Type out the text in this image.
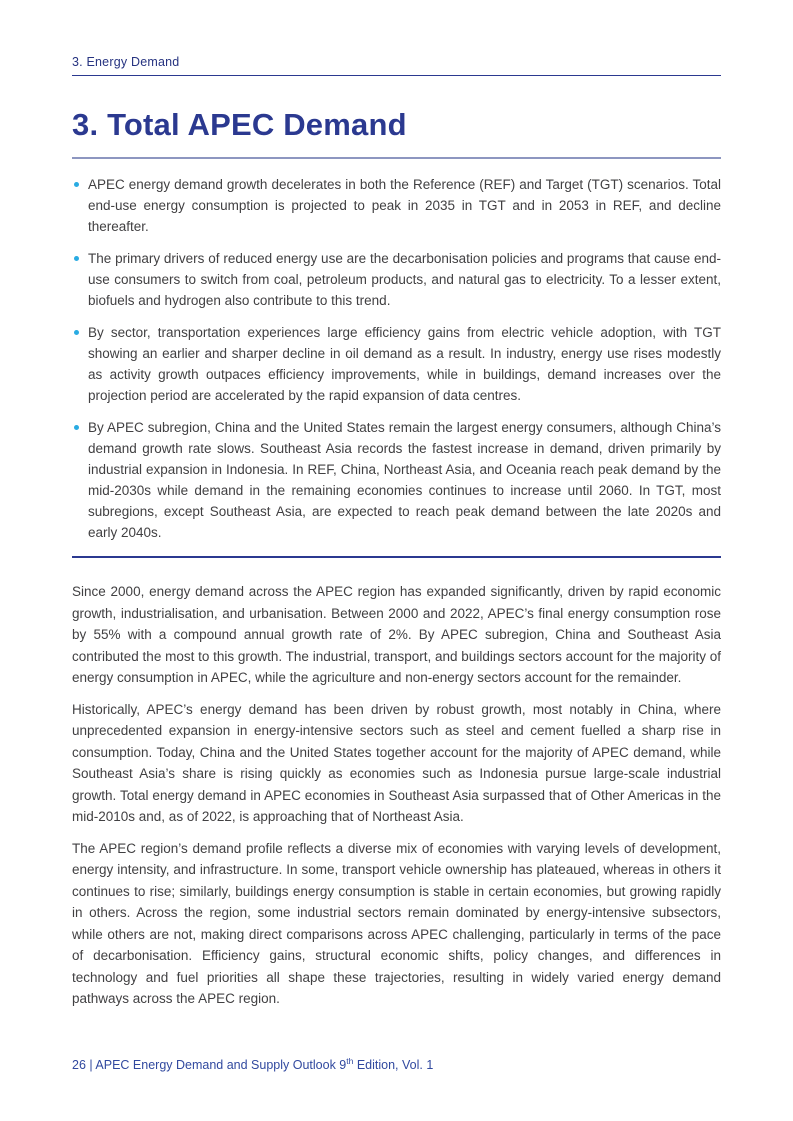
3. Energy Demand
3. Total APEC Demand
APEC energy demand growth decelerates in both the Reference (REF) and Target (TGT) scenarios. Total end-use energy consumption is projected to peak in 2035 in TGT and in 2053 in REF, and decline thereafter.
The primary drivers of reduced energy use are the decarbonisation policies and programs that cause end-use consumers to switch from coal, petroleum products, and natural gas to electricity. To a lesser extent, biofuels and hydrogen also contribute to this trend.
By sector, transportation experiences large efficiency gains from electric vehicle adoption, with TGT showing an earlier and sharper decline in oil demand as a result. In industry, energy use rises modestly as activity growth outpaces efficiency improvements, while in buildings, demand increases over the projection period are accelerated by the rapid expansion of data centres.
By APEC subregion, China and the United States remain the largest energy consumers, although China’s demand growth rate slows. Southeast Asia records the fastest increase in demand, driven primarily by industrial expansion in Indonesia. In REF, China, Northeast Asia, and Oceania reach peak demand by the mid-2030s while demand in the remaining economies continues to increase until 2060. In TGT, most subregions, except Southeast Asia, are expected to reach peak demand between the late 2020s and early 2040s.

Since 2000, energy demand across the APEC region has expanded significantly, driven by rapid economic growth, industrialisation, and urbanisation. Between 2000 and 2022, APEC’s final energy consumption rose by 55% with a compound annual growth rate of 2%. By APEC subregion, China and Southeast Asia contributed the most to this growth. The industrial, transport, and buildings sectors account for the majority of energy consumption in APEC, while the agriculture and non-energy sectors account for the remainder.

Historically, APEC’s energy demand has been driven by robust growth, most notably in China, where unprecedented expansion in energy-intensive sectors such as steel and cement fuelled a sharp rise in consumption. Today, China and the United States together account for the majority of APEC demand, while Southeast Asia’s share is rising quickly as economies such as Indonesia pursue large-scale industrial growth. Total energy demand in APEC economies in Southeast Asia surpassed that of Other Americas in the mid-2010s and, as of 2022, is approaching that of Northeast Asia.

The APEC region’s demand profile reflects a diverse mix of economies with varying levels of development, energy intensity, and infrastructure. In some, transport vehicle ownership has plateaued, whereas in others it continues to rise; similarly, buildings energy consumption is stable in certain economies, but growing rapidly in others. Across the region, some industrial sectors remain dominated by energy-intensive subsectors, while others are not, making direct comparisons across APEC challenging, particularly in terms of the pace of decarbonisation. Efficiency gains, structural economic shifts, policy changes, and differences in technology and fuel priorities all shape these trajectories, resulting in widely varied energy demand pathways across the APEC region.

26 | APEC Energy Demand and Supply Outlook 9th Edition, Vol. 1
